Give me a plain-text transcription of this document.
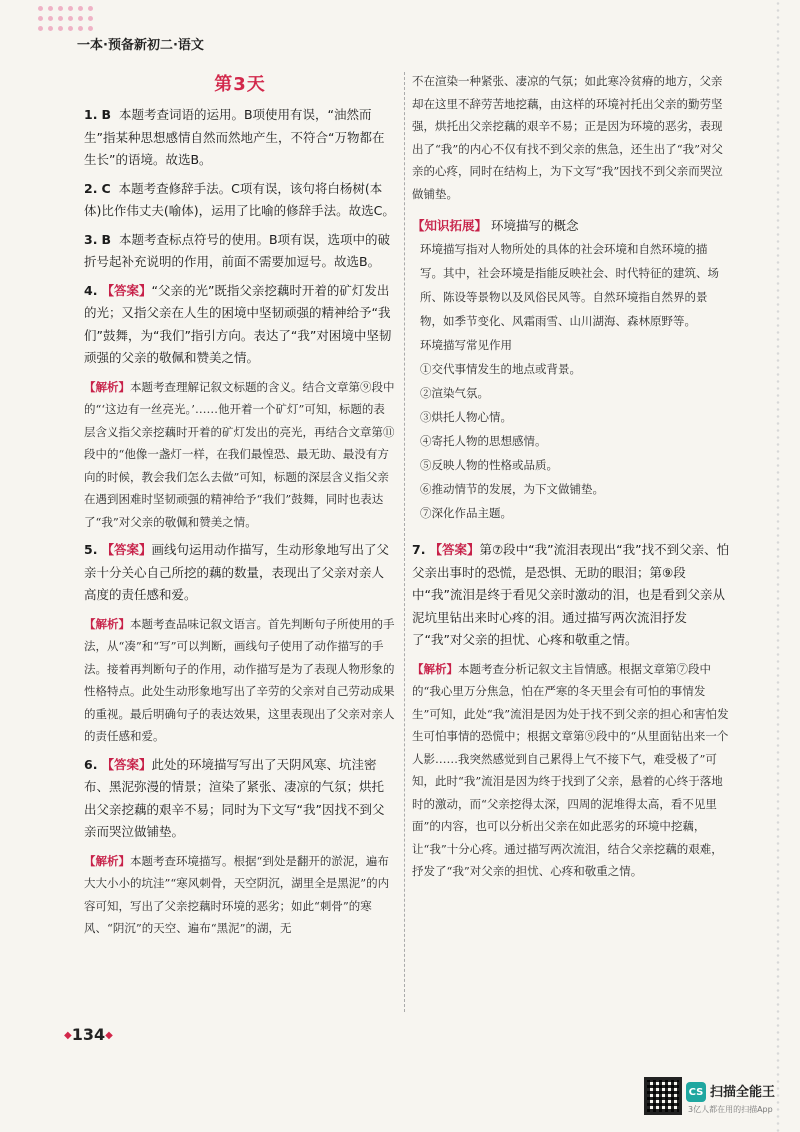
一本·预备新初二·语文
第3天
1. B 本题考查词语的运用。B项使用有误，“油然而生”指某种思想感情自然而然地产生，不符合“万物都在生长”的语境。故选B。
2. C 本题考查修辞手法。C项有误，该句将白杨树(本体)比作伟丈夫(喻体)，运用了比喻的修辞手法。故选C。
3. B 本题考查标点符号的使用。B项有误，选项中的破折号起补充说明的作用，前面不需要加逗号。故选B。
4. 【答案】“父亲的光”既指父亲挖藕时开着的矿灯发出的光；又指父亲在人生的困境中坚韧顽强的精神给予“我们”鼓舞，为“我们”指引方向。表达了“我”对困境中坚韧顽强的父亲的敬佩和赞美之情。
【解析】本题考查理解记叙文标题的含义。结合文章第⑨段中的“‘这边有一丝亮光。’……他开着一个矿灯”可知，标题的表层含义指父亲挖藕时开着的矿灯发出的亮光，再结合文章第⑪段中的“他像一盏灯一样，在我们最惶恐、最无助、最没有方向的时候，教会我们怎么去做”可知，标题的深层含义指父亲在遇到困难时坚韧顽强的精神给予“我们”鼓舞，同时也表达了“我”对父亲的敬佩和赞美之情。
5. 【答案】画线句运用动作描写，生动形象地写出了父亲十分关心自己所挖的藕的数量，表现出了父亲对亲人高度的责任感和爱。
【解析】本题考查品味记叙文语言。首先判断句子所使用的手法，从“凑”和“写”可以判断，画线句子使用了动作描写的手法。接着再判断句子的作用，动作描写是为了表现人物形象的性格特点。此处生动形象地写出了辛劳的父亲对自己劳动成果的重视。最后明确句子的表达效果，这里表现出了父亲对亲人的责任感和爱。
6. 【答案】此处的环境描写写出了天阴风寒、坑洼密布、黑泥弥漫的情景；渲染了紧张、凄凉的气氛；烘托出父亲挖藕的艰辛不易；同时为下文写“我”因找不到父亲而哭泣做铺垫。
【解析】本题考查环境描写。根据“到处是翻开的淤泥，遍布大大小小的坑洼”“寒风刺骨，天空阴沉，湖里全是黑泥”的内容可知，写出了父亲挖藕时环境的恶劣；如此“刺骨”的寒风、“阴沉”的天空、遍布“黑泥”的湖，无
不在渲染一种紧张、凄凉的气氛；如此寒冷贫瘠的地方，父亲却在这里不辞劳苦地挖藕，由这样的环境衬托出父亲的勤劳坚强，烘托出父亲挖藕的艰辛不易；正是因为环境的恶劣，表现出了“我”的内心不仅有找不到父亲的焦急，还生出了“我”对父亲的心疼，同时在结构上，为下文写“我”因找不到父亲而哭泣做铺垫。
【知识拓展】 环境描写的概念

环境描写指对人物所处的具体的社会环境和自然环境的描写。其中，社会环境是指能反映社会、时代特征的建筑、场所、陈设等景物以及风俗民风等。自然环境指自然界的景物，如季节变化、风霜雨雪、山川湖海、森林原野等。

环境描写常见作用

①交代事情发生的地点或背景。

②渲染气氛。

③烘托人物心情。

④寄托人物的思想感情。

⑤反映人物的性格或品质。

⑥推动情节的发展，为下文做铺垫。

⑦深化作品主题。

7. 【答案】第⑦段中“我”流泪表现出“我”找不到父亲、怕父亲出事时的恐慌，是恐惧、无助的眼泪；第⑨段中“我”流泪是终于看见父亲时激动的泪，也是看到父亲从泥坑里钻出来时心疼的泪。通过描写两次流泪抒发了“我”对父亲的担忧、心疼和敬重之情。
【解析】本题考查分析记叙文主旨情感。根据文章第⑦段中的“我心里万分焦急，怕在严寒的冬天里会有可怕的事情发生”可知，此处“我”流泪是因为处于找不到父亲的担心和害怕发生可怕事情的恐慌中；根据文章第⑨段中的“从里面钻出来一个人影……我突然感觉到自己累得上气不接下气，难受极了”可知，此时“我”流泪是因为终于找到了父亲，悬着的心终于落地时的激动，而“父亲挖得太深，四周的泥堆得太高，看不见里面”的内容，也可以分析出父亲在如此恶劣的环境中挖藕，让“我”十分心疼。通过描写两次流泪，结合父亲挖藕的艰难，抒发了“我”对父亲的担忧、心疼和敬重之情。
◆134◆
CS 扫描全能王
3亿人都在用的扫描App
